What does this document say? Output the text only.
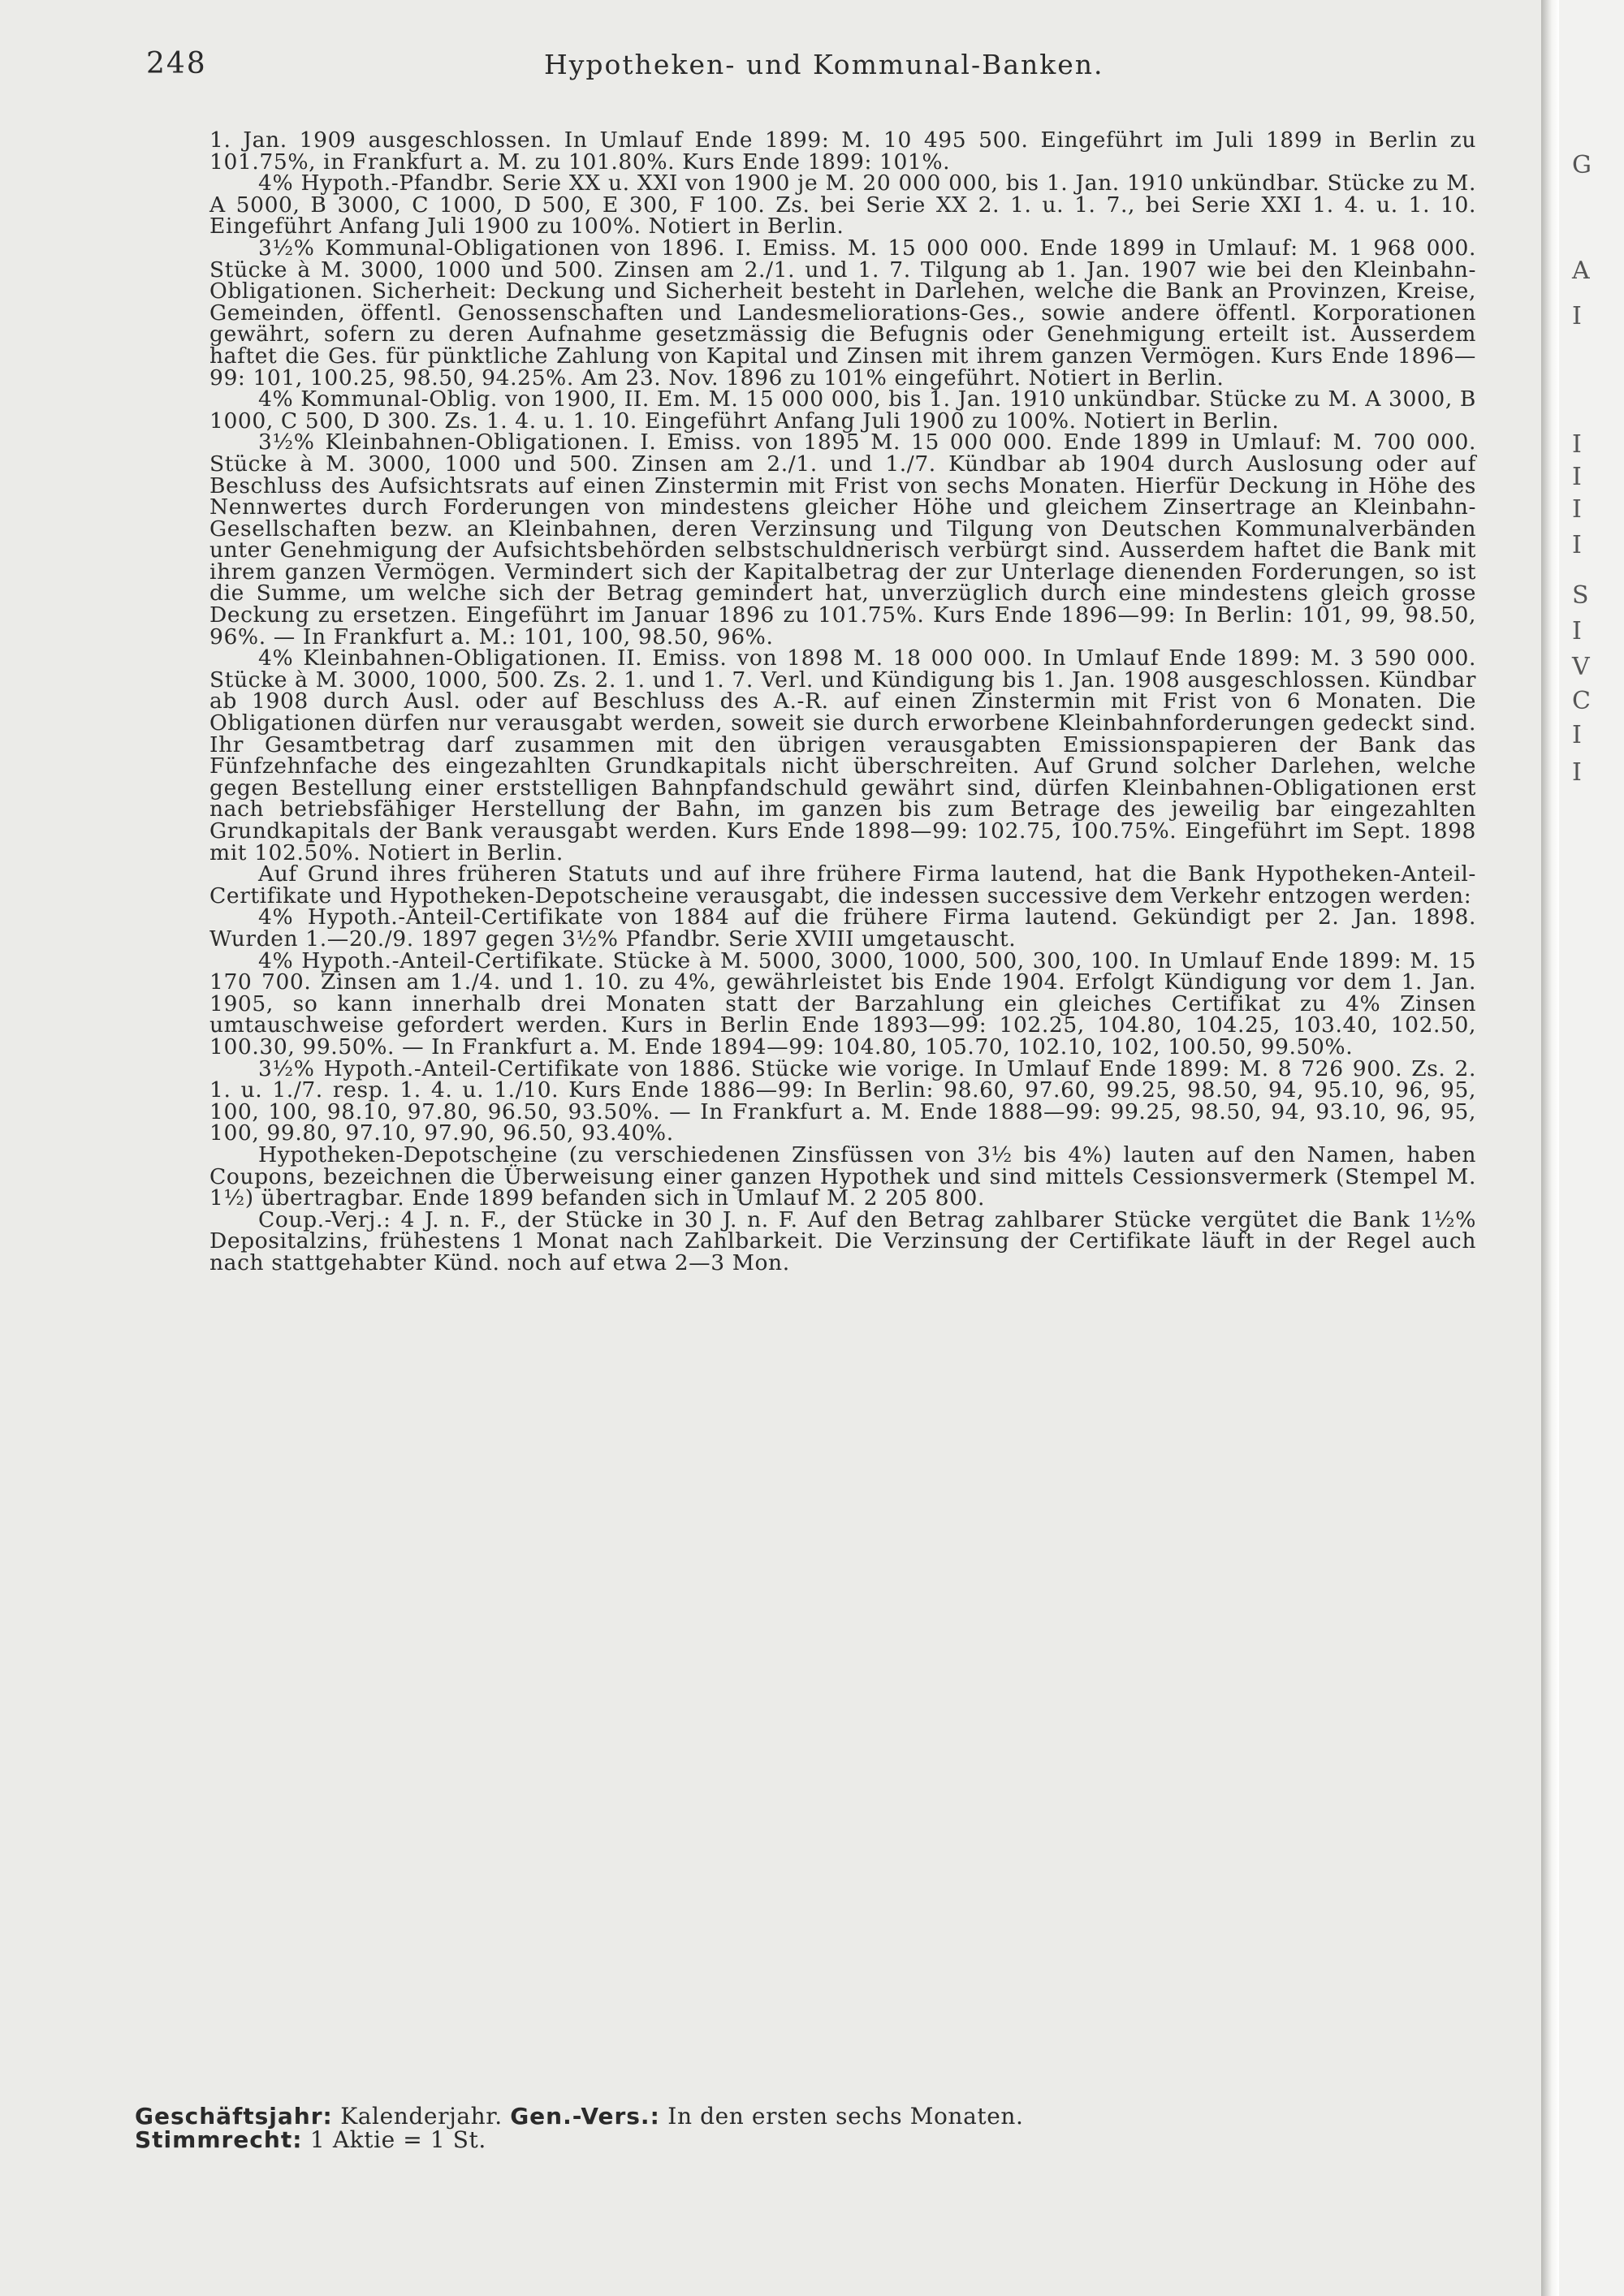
248	Hypotheken- und Kommunal-Banken.

1. Jan. 1909 ausgeschlossen. In Umlauf Ende 1899: M. 10 495 500. Eingeführt im Juli 1899 in Berlin zu 101.75%, in Frankfurt a. M. zu 101.80%. Kurs Ende 1899: 101%.

4% Hypoth.-Pfandbr. Serie XX u. XXI von 1900 je M. 20 000 000, bis 1. Jan. 1910 unkündbar. Stücke zu M. A 5000, B 3000, C 1000, D 500, E 300, F 100. Zs. bei Serie XX 2. 1. u. 1. 7., bei Serie XXI 1. 4. u. 1. 10. Eingeführt Anfang Juli 1900 zu 100%. Notiert in Berlin.

3½% Kommunal-Obligationen von 1896. I. Emiss. M. 15 000 000. Ende 1899 in Umlauf: M. 1 968 000. Stücke à M. 3000, 1000 und 500. Zinsen am 2./1. und 1. 7. Tilgung ab 1. Jan. 1907 wie bei den Kleinbahn-Obligationen. Sicherheit: Deckung und Sicherheit besteht in Darlehen, welche die Bank an Provinzen, Kreise, Gemeinden, öffentl. Genossenschaften und Landesmeliorations-Ges., sowie andere öffentl. Korporationen gewährt, sofern zu deren Aufnahme gesetzmässig die Befugnis oder Genehmigung erteilt ist. Ausserdem haftet die Ges. für pünktliche Zahlung von Kapital und Zinsen mit ihrem ganzen Vermögen. Kurs Ende 1896—99: 101, 100.25, 98.50, 94.25%. Am 23. Nov. 1896 zu 101% eingeführt. Notiert in Berlin.

4% Kommunal-Oblig. von 1900, II. Em. M. 15 000 000, bis 1. Jan. 1910 unkündbar. Stücke zu M. A 3000, B 1000, C 500, D 300. Zs. 1. 4. u. 1. 10. Eingeführt Anfang Juli 1900 zu 100%. Notiert in Berlin.

3½% Kleinbahnen-Obligationen. I. Emiss. von 1895 M. 15 000 000. Ende 1899 in Umlauf: M. 700 000. Stücke à M. 3000, 1000 und 500. Zinsen am 2./1. und 1./7. Kündbar ab 1904 durch Auslosung oder auf Beschluss des Aufsichtsrats auf einen Zinstermin mit Frist von sechs Monaten. Hierfür Deckung in Höhe des Nennwertes durch Forderungen von mindestens gleicher Höhe und gleichem Zinsertrage an Kleinbahn-Gesellschaften bezw. an Kleinbahnen, deren Verzinsung und Tilgung von Deutschen Kommunalverbänden unter Genehmigung der Aufsichtsbehörden selbstschuldnerisch verbürgt sind. Ausserdem haftet die Bank mit ihrem ganzen Vermögen. Vermindert sich der Kapitalbetrag der zur Unterlage dienenden Forderungen, so ist die Summe, um welche sich der Betrag gemindert hat, unverzüglich durch eine mindestens gleich grosse Deckung zu ersetzen. Eingeführt im Januar 1896 zu 101.75%. Kurs Ende 1896—99: In Berlin: 101, 99, 98.50, 96%. — In Frankfurt a. M.: 101, 100, 98.50, 96%.

4% Kleinbahnen-Obligationen. II. Emiss. von 1898 M. 18 000 000. In Umlauf Ende 1899: M. 3 590 000. Stücke à M. 3000, 1000, 500. Zs. 2. 1. und 1. 7. Verl. und Kündigung bis 1. Jan. 1908 ausgeschlossen. Kündbar ab 1908 durch Ausl. oder auf Beschluss des A.-R. auf einen Zinstermin mit Frist von 6 Monaten. Die Obligationen dürfen nur verausgabt werden, soweit sie durch erworbene Kleinbahnforderungen gedeckt sind. Ihr Gesamtbetrag darf zusammen mit den übrigen verausgabten Emissionspapieren der Bank das Fünfzehnfache des eingezahlten Grundkapitals nicht überschreiten. Auf Grund solcher Darlehen, welche gegen Bestellung einer erststelligen Bahnpfandschuld gewährt sind, dürfen Kleinbahnen-Obligationen erst nach betriebsfähiger Herstellung der Bahn, im ganzen bis zum Betrage des jeweilig bar eingezahlten Grundkapitals der Bank verausgabt werden. Kurs Ende 1898—99: 102.75, 100.75%. Eingeführt im Sept. 1898 mit 102.50%. Notiert in Berlin.

Auf Grund ihres früheren Statuts und auf ihre frühere Firma lautend, hat die Bank Hypotheken-Anteil-Certifikate und Hypotheken-Depotscheine verausgabt, die indessen successive dem Verkehr entzogen werden:

4% Hypoth.-Anteil-Certifikate von 1884 auf die frühere Firma lautend. Gekündigt per 2. Jan. 1898. Wurden 1.—20./9. 1897 gegen 3½% Pfandbr. Serie XVIII umgetauscht.

4% Hypoth.-Anteil-Certifikate. Stücke à M. 5000, 3000, 1000, 500, 300, 100. In Umlauf Ende 1899: M. 15 170 700. Zinsen am 1./4. und 1. 10. zu 4%, gewährleistet bis Ende 1904. Erfolgt Kündigung vor dem 1. Jan. 1905, so kann innerhalb drei Monaten statt der Barzahlung ein gleiches Certifikat zu 4% Zinsen umtauschweise gefordert werden. Kurs in Berlin Ende 1893—99: 102.25, 104.80, 104.25, 103.40, 102.50, 100.30, 99.50%. — In Frankfurt a. M. Ende 1894—99: 104.80, 105.70, 102.10, 102, 100.50, 99.50%.

3½% Hypoth.-Anteil-Certifikate von 1886. Stücke wie vorige. In Umlauf Ende 1899: M. 8 726 900. Zs. 2. 1. u. 1./7. resp. 1. 4. u. 1./10. Kurs Ende 1886—99: In Berlin: 98.60, 97.60, 99.25, 98.50, 94, 95.10, 96, 95, 100, 100, 98.10, 97.80, 96.50, 93.50%. — In Frankfurt a. M. Ende 1888—99: 99.25, 98.50, 94, 93.10, 96, 95, 100, 99.80, 97.10, 97.90, 96.50, 93.40%.

Hypotheken-Depotscheine (zu verschiedenen Zinsfüssen von 3½ bis 4%) lauten auf den Namen, haben Coupons, bezeichnen die Überweisung einer ganzen Hypothek und sind mittels Cessionsvermerk (Stempel M. 1½) übertragbar. Ende 1899 befanden sich in Umlauf M. 2 205 800.

Coup.-Verj.: 4 J. n. F., der Stücke in 30 J. n. F. Auf den Betrag zahlbarer Stücke vergütet die Bank 1½% Depositalzins, frühestens 1 Monat nach Zahlbarkeit. Die Verzinsung der Certifikate läuft in der Regel auch nach stattgehabter Künd. noch auf etwa 2—3 Mon.

Geschäftsjahr: Kalenderjahr. Gen.-Vers.: In den ersten sechs Monaten.

Stimmrecht: 1 Aktie = 1 St.

G
A
I
I
I
I
I
S
I
V
C
I
I
